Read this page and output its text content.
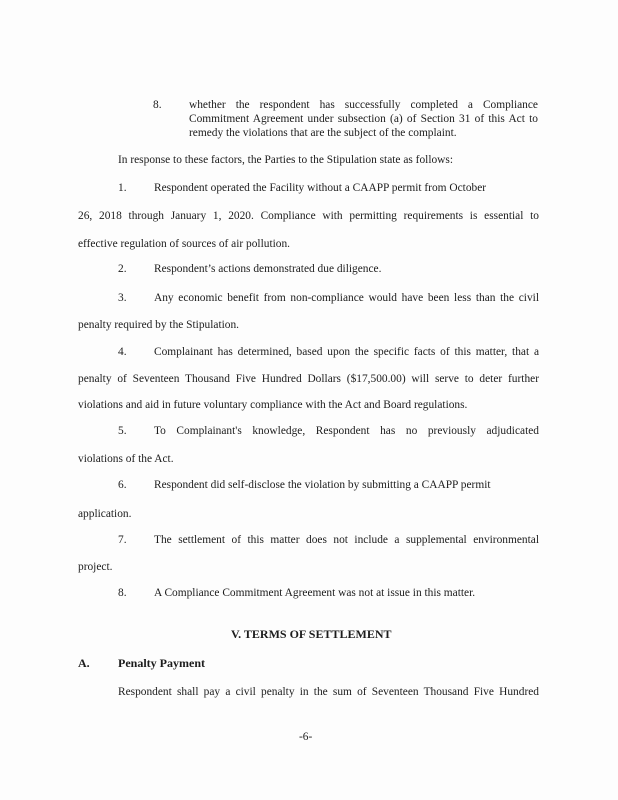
8. whether the respondent has successfully completed a Compliance
Commitment Agreement under subsection (a) of Section 31 of this Act to
remedy the violations that are the subject of the complaint.
In response to these factors, the Parties to the Stipulation state as follows:
1. Respondent operated the Facility without a CAAPP permit from October
26, 2018 through January 1, 2020. Compliance with permitting requirements is essential to
effective regulation of sources of air pollution.
2. Respondent’s actions demonstrated due diligence.
3. Any economic benefit from non-compliance would have been less than the civil
penalty required by the Stipulation.
4. Complainant has determined, based upon the specific facts of this matter, that a
penalty of Seventeen Thousand Five Hundred Dollars ($17,500.00) will serve to deter further
violations and aid in future voluntary compliance with the Act and Board regulations.
5. To Complainant's knowledge, Respondent has no previously adjudicated
violations of the Act.
6. Respondent did self-disclose the violation by submitting a CAAPP permit
application.
7. The settlement of this matter does not include a supplemental environmental
project.
8. A Compliance Commitment Agreement was not at issue in this matter.
V. TERMS OF SETTLEMENT
A. Penalty Payment
Respondent shall pay a civil penalty in the sum of Seventeen Thousand Five Hundred
-6-
